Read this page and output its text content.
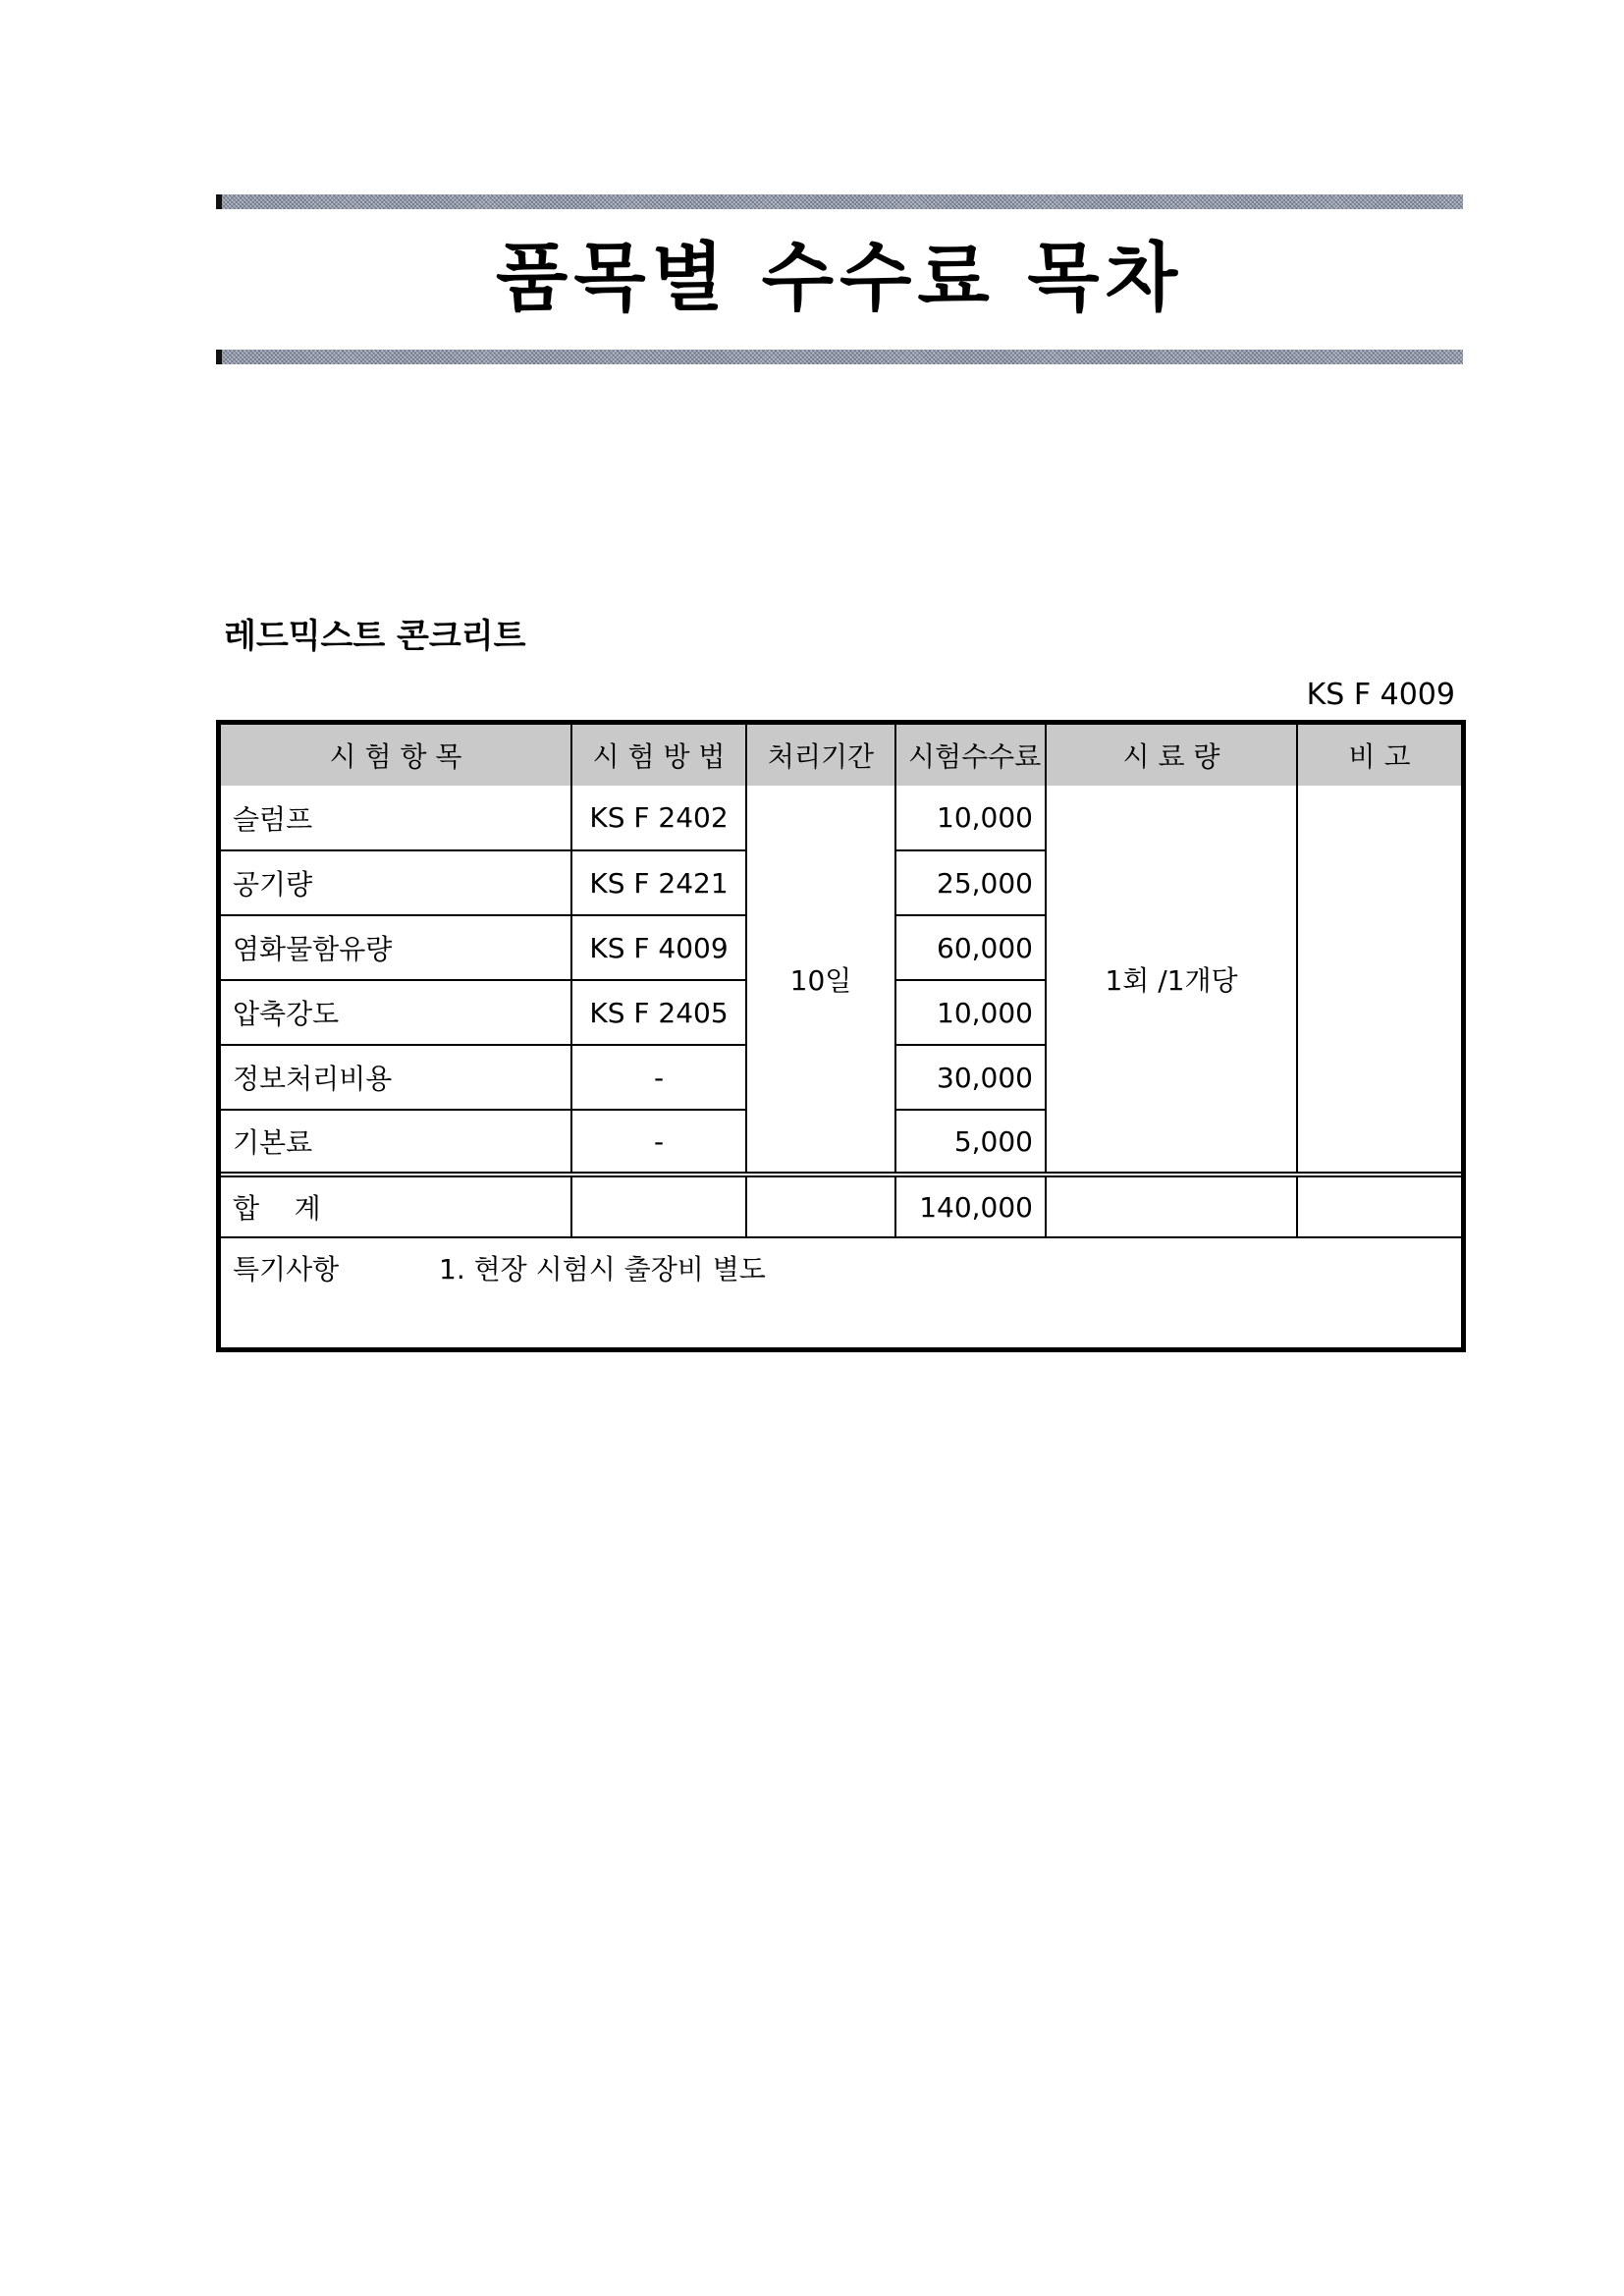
품목별 수수료 목차
레드믹스트 콘크리트
KS F 4009
시 험 항 목	시 험 방 법	처리기간	시험수수료	시 료 량	비 고
슬럼프	KS F 2402	10일	10,000	1회 /1개당	
공기량	KS F 2421		25,000		
염화물함유량	KS F 4009		60,000		
압축강도	KS F 2405		10,000		
정보처리비용	-		30,000		
기본료	-		5,000		
합    계			140,000		
특기사항 1. 현장 시험시 출장비 별도					
